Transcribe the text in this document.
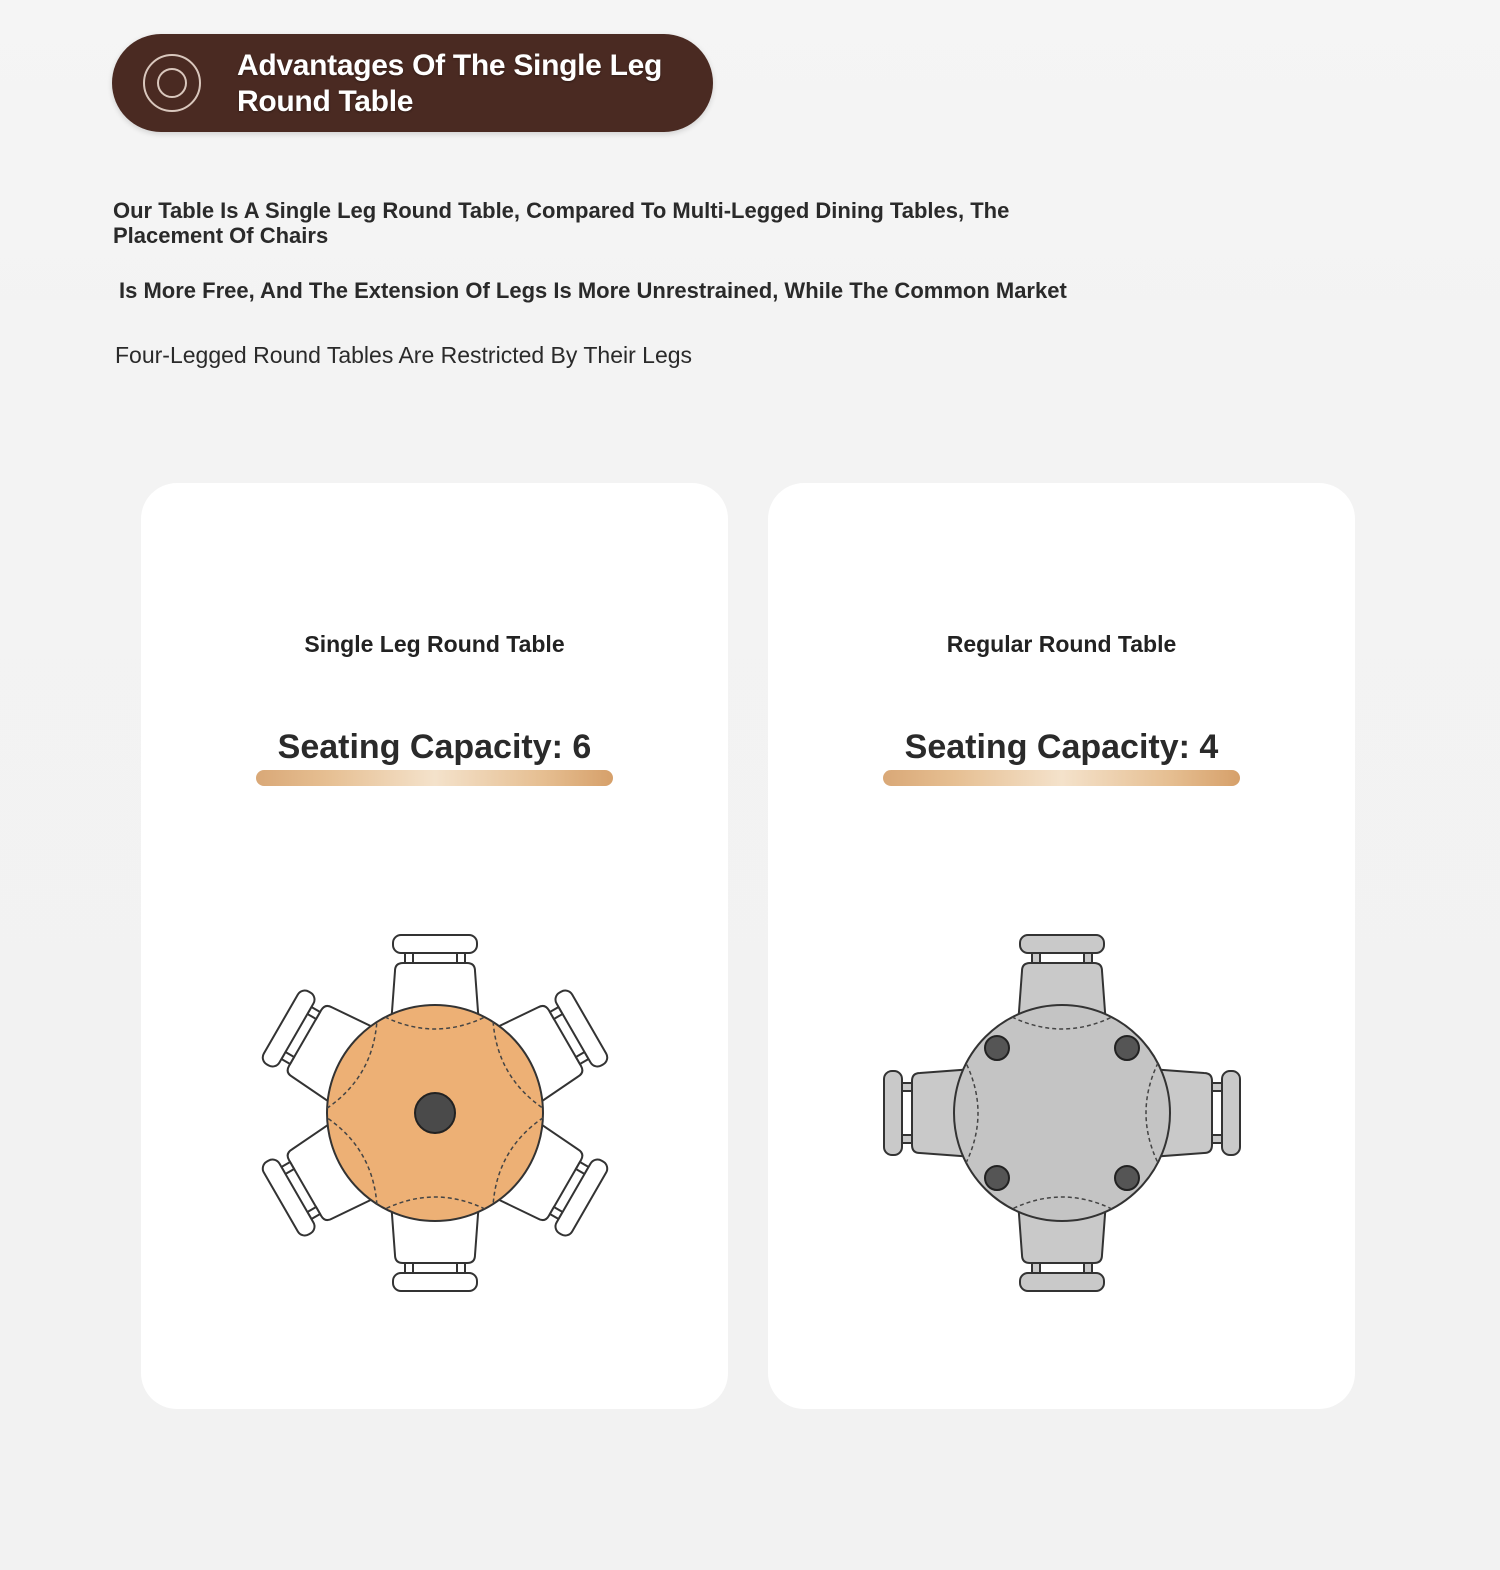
Advantages Of The Single Leg Round Table

Our Table Is A Single Leg Round Table, Compared To Multi-Legged Dining Tables, The Placement Of Chairs

Is More Free, And The Extension Of Legs Is More Unrestrained, While The Common Market

Four-Legged Round Tables Are Restricted By Their Legs

Single Leg Round Table
Seating Capacity: 6
Regular Round Table
Seating Capacity: 4
